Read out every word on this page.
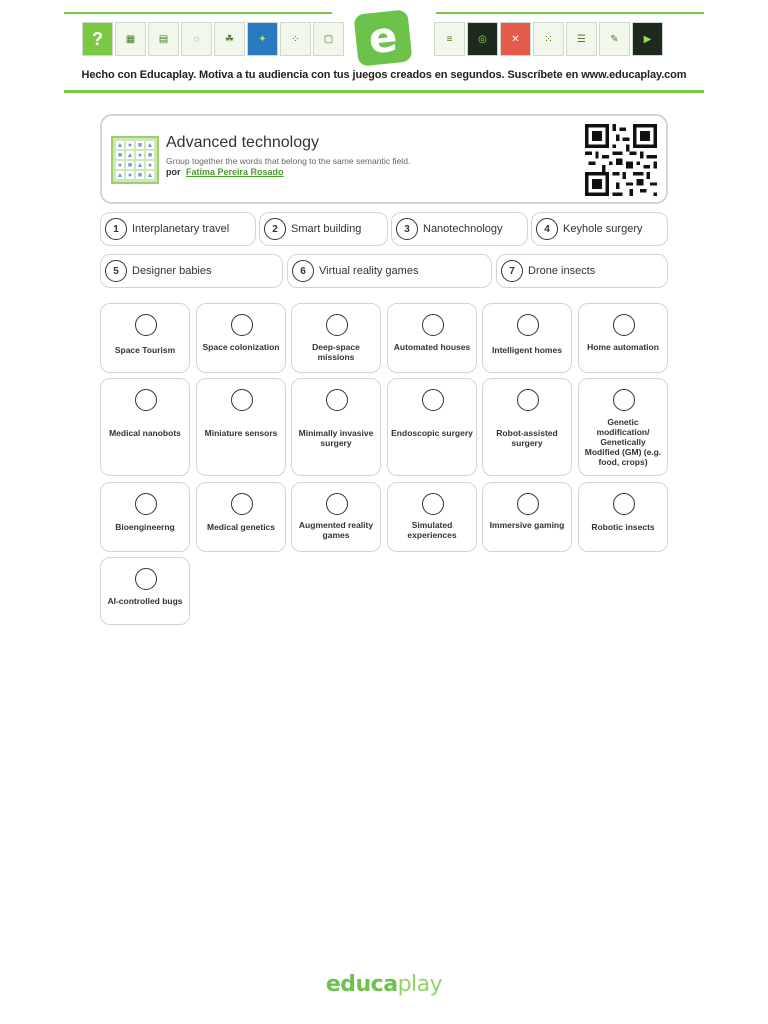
?	▦	▤	◌	☘	✦	⁘	▢ e	≡	◎	✕	⁙	☰	✎	▶
Hecho con Educaplay. Motiva a tu audiencia con tus juegos creados en segundos. Suscríbete en www.educaplay.com
▲ ● ■ ▲
■ ▲ ● ■
● ■ ▲ ●
▲ ● ■ ▲
Advanced technology
Group together the words that belong to the same semantic field.
por Fatima Pereira Rosado
1	Interplanetary travel	2	Smart building	3	Nanotechnology	4	Keyhole surgery
5	Designer babies	6	Virtual reality games	7	Drone insects
Space Tourism	Space colonization	Deep-space missions
Automated houses	Intelligent homes	Home automation
Medical nanobots	Miniature sensors	Minimally invasive surgery
Endoscopic surgery	Robot-assisted surgery
Genetic modification/ Genetically Modified (GM) (e.g. food, crops)
Bioengineerng	Medical genetics	Augmented reality games
Simulated experiences
Immersive gaming	Robotic insects
AI-controlled bugs
educaplay
